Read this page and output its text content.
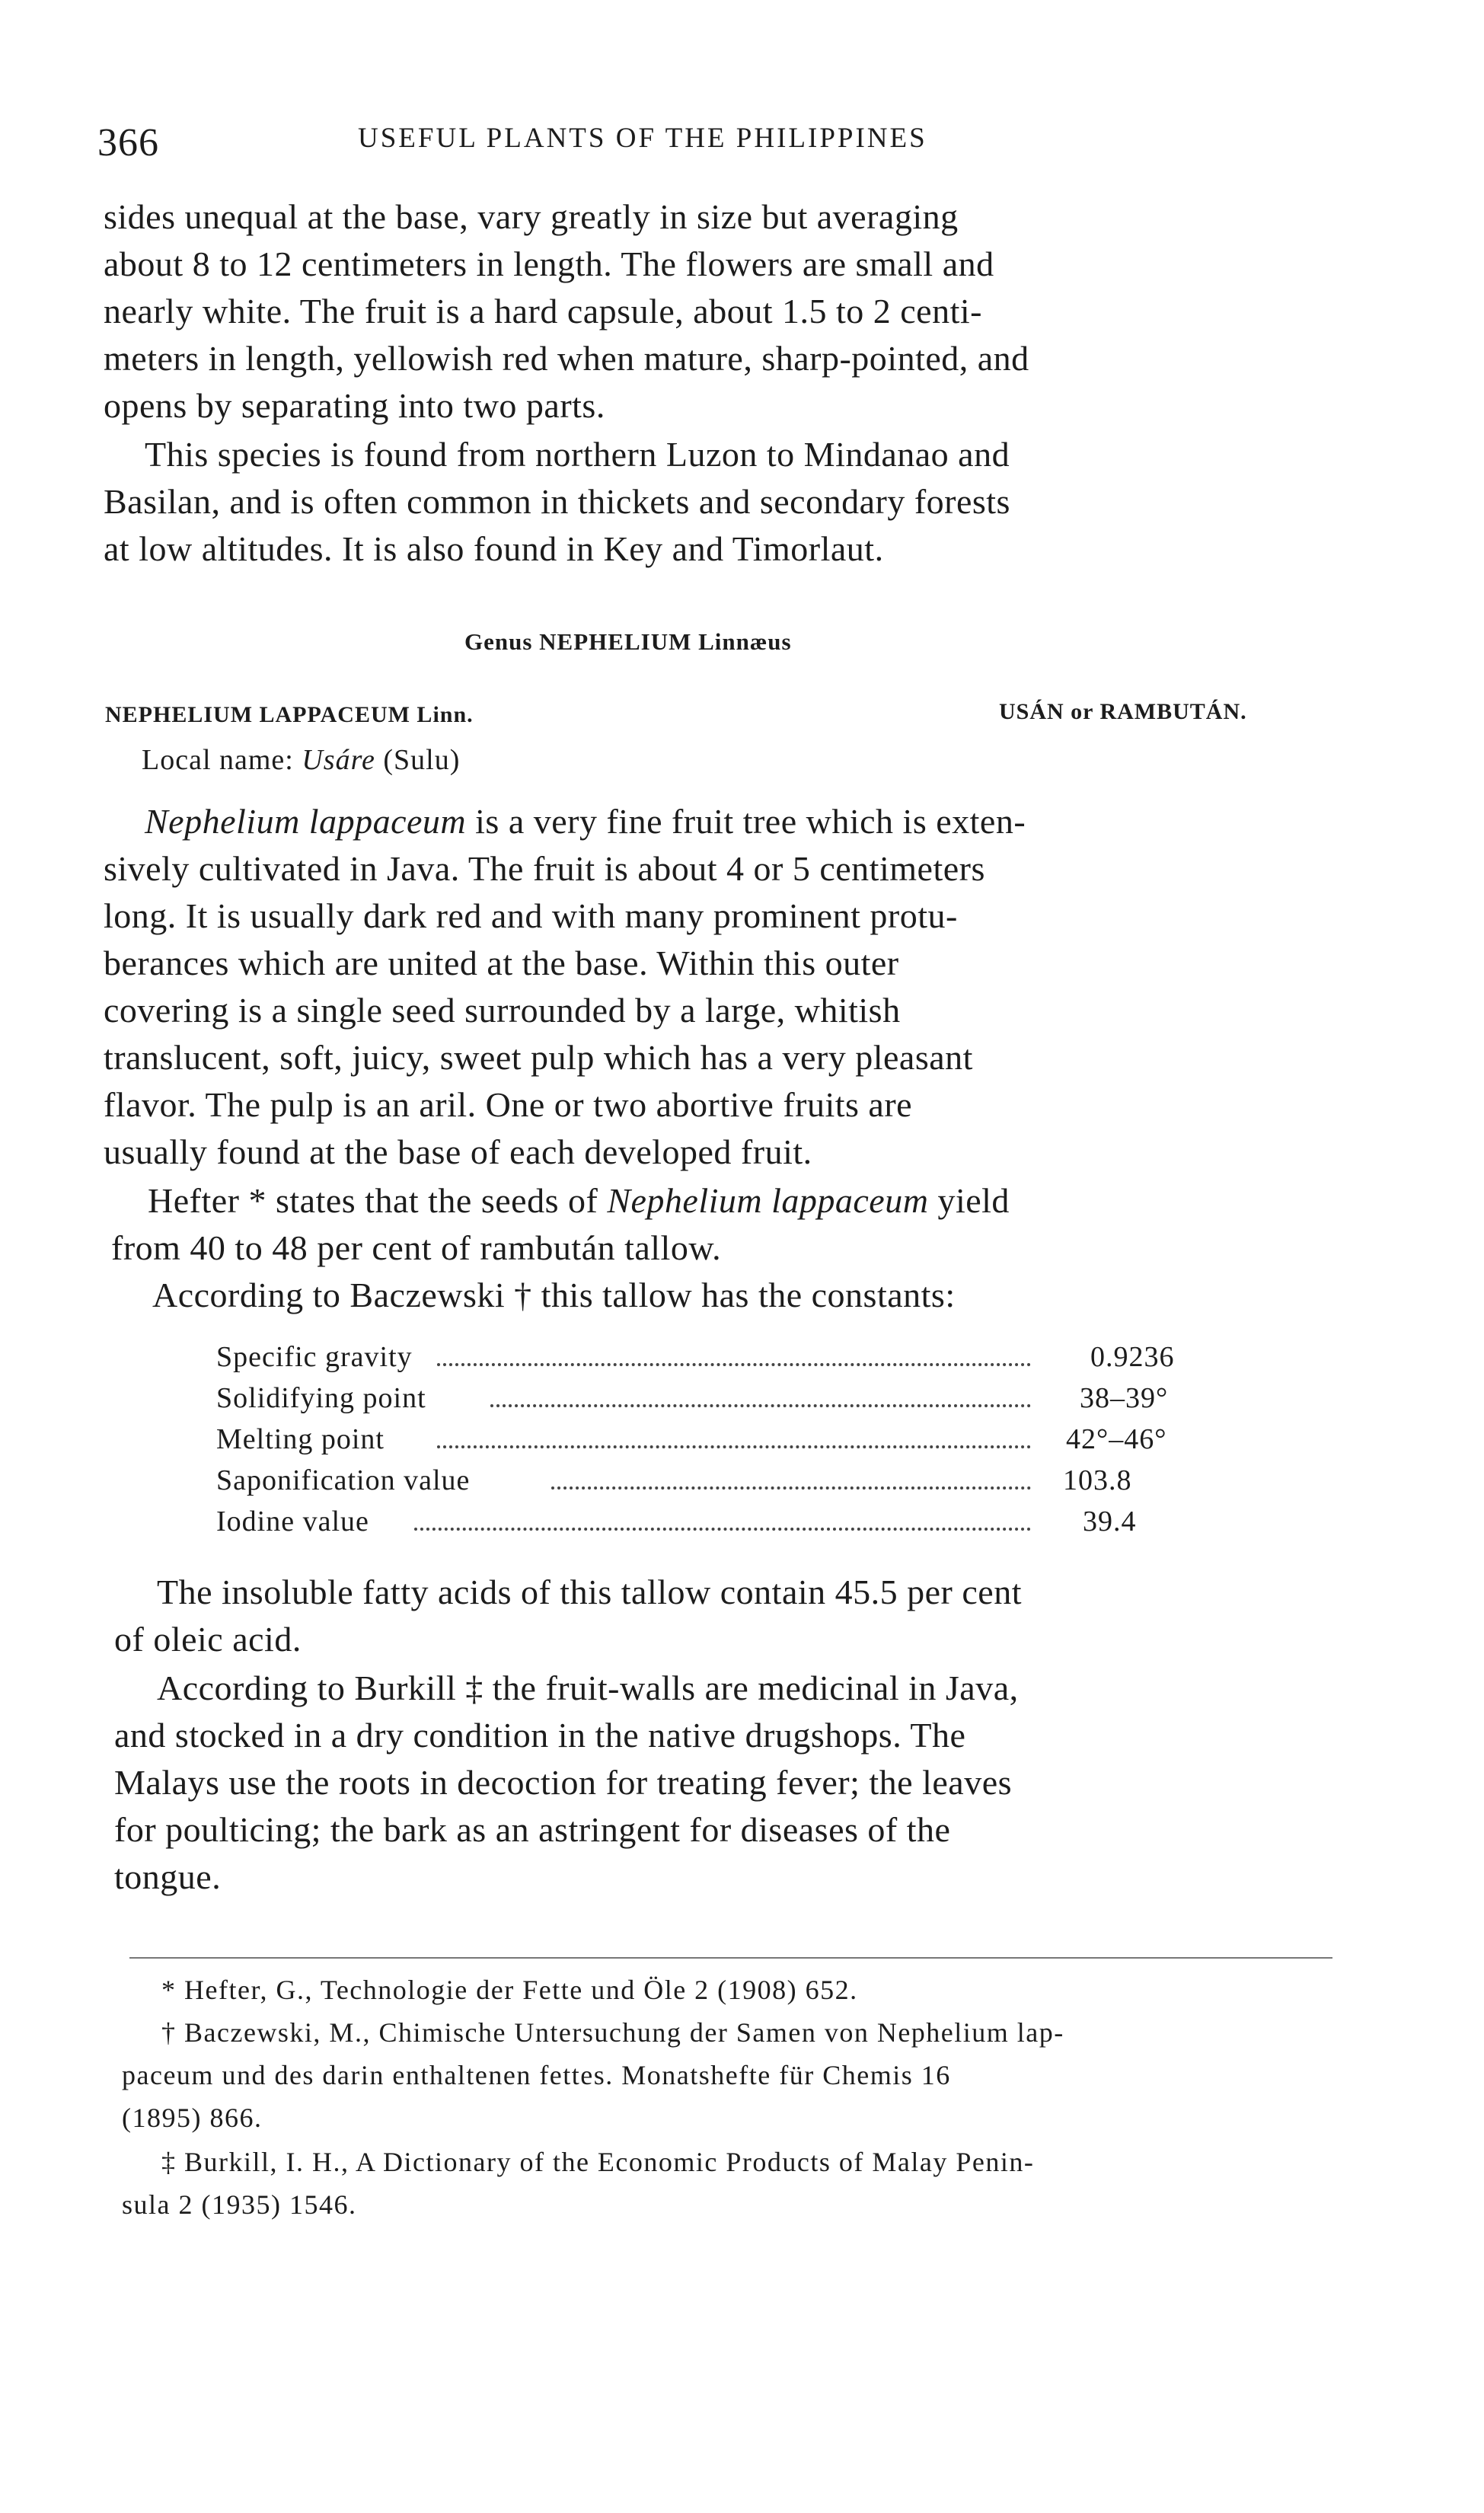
366	USEFUL PLANTS OF THE PHILIPPINES
sides unequal at the base, vary greatly in size but averaging
about 8 to 12 centimeters in length. The flowers are small and
nearly white. The fruit is a hard capsule, about 1.5 to 2 centi-
meters in length, yellowish red when mature, sharp-pointed, and
opens by separating into two parts.
This species is found from northern Luzon to Mindanao and
Basilan, and is often common in thickets and secondary forests
at low altitudes. It is also found in Key and Timorlaut.
Genus NEPHELIUM Linnæus
NEPHELIUM LAPPACEUM Linn.	USÁN or RAMBUTÁN.
Local name: Usáre (Sulu)
Nephelium lappaceum is a very fine fruit tree which is exten-
sively cultivated in Java. The fruit is about 4 or 5 centimeters
long. It is usually dark red and with many prominent protu-
berances which are united at the base. Within this outer
covering is a single seed surrounded by a large, whitish
translucent, soft, juicy, sweet pulp which has a very pleasant
flavor. The pulp is an aril. One or two abortive fruits are
usually found at the base of each developed fruit.
Hefter * states that the seeds of Nephelium lappaceum yield
from 40 to 48 per cent of rambután tallow.
According to Baczewski † this tallow has the constants:
Specific gravity	0.9236
Solidifying point	38–39°
Melting point	42°–46°
Saponification value	103.8
Iodine value	39.4
The insoluble fatty acids of this tallow contain 45.5 per cent
of oleic acid.
According to Burkill ‡ the fruit-walls are medicinal in Java,
and stocked in a dry condition in the native drugshops. The
Malays use the roots in decoction for treating fever; the leaves
for poulticing; the bark as an astringent for diseases of the
tongue.
* Hefter, G., Technologie der Fette und Öle 2 (1908) 652.
† Baczewski, M., Chimische Untersuchung der Samen von Nephelium lap-
paceum und des darin enthaltenen fettes. Monatshefte für Chemis 16
(1895) 866.
‡ Burkill, I. H., A Dictionary of the Economic Products of Malay Penin-
sula 2 (1935) 1546.
